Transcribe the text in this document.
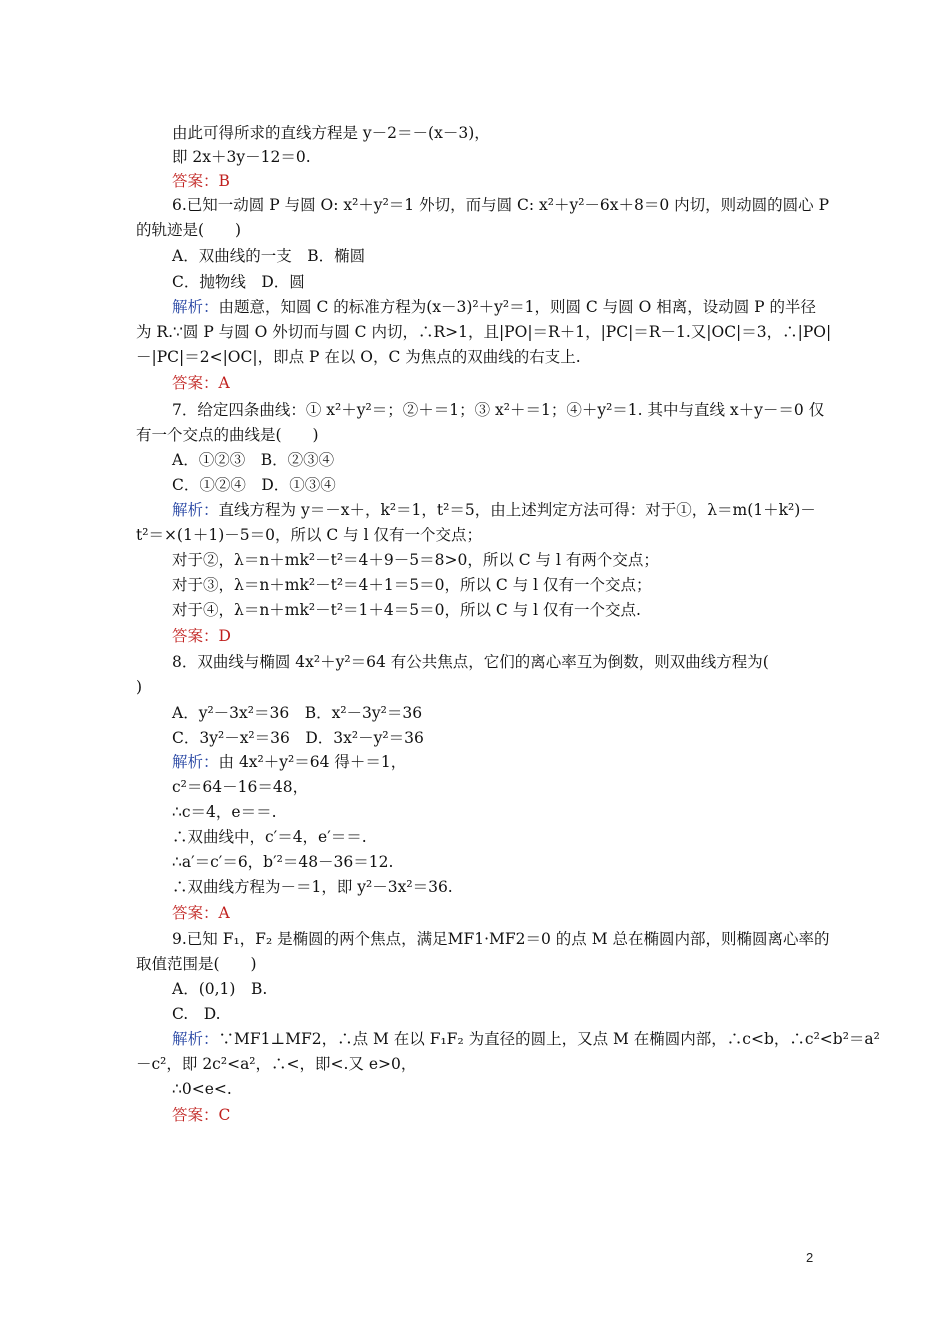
由此可得所求的直线方程是 y－2＝－(x－3)，
即 2x＋3y－12＝0.
答案：B
6.已知一动圆 P 与圆 O: x²＋y²＝1 外切，而与圆 C: x²＋y²－6x＋8＝0 内切，则动圆的圆心 P
的轨迹是(　　)
A．双曲线的一支　B．椭圆
C．抛物线　D．圆
解析：由题意，知圆 C 的标准方程为(x－3)²＋y²＝1，则圆 C 与圆 O 相离，设动圆 P 的半径
为 R.∵圆 P 与圆 O 外切而与圆 C 内切，∴R>1，且|PO|＝R＋1，|PC|＝R－1.又|OC|＝3，∴|PO|
－|PC|＝2<|OC|，即点 P 在以 O，C 为焦点的双曲线的右支上.
答案：A
7．给定四条曲线：① x²＋y²＝；②＋＝1；③ x²＋＝1；④＋y²＝1. 其中与直线 x＋y－＝0 仅
有一个交点的曲线是(　　)
A．①②③　B．②③④
C．①②④　D．①③④
解析：直线方程为 y＝－x＋，k²＝1，t²＝5，由上述判定方法可得：对于①，λ＝m(1＋k²)－
t²＝×(1＋1)－5＝0，所以 C 与 l 仅有一个交点；
对于②，λ＝n＋mk²－t²＝4＋9－5＝8>0，所以 C 与 l 有两个交点；
对于③，λ＝n＋mk²－t²＝4＋1＝5＝0，所以 C 与 l 仅有一个交点；
对于④，λ＝n＋mk²－t²＝1＋4＝5＝0，所以 C 与 l 仅有一个交点.
答案：D
8．双曲线与椭圆 4x²＋y²＝64 有公共焦点，它们的离心率互为倒数，则双曲线方程为(
)
A．y²－3x²＝36　B．x²－3y²＝36
C．3y²－x²＝36　D．3x²－y²＝36
解析：由 4x²＋y²＝64 得＋＝1，
c²＝64－16＝48，
∴c＝4，e＝＝.
∴双曲线中，c′＝4，e′＝＝.
∴a′＝c′＝6，b′²＝48－36＝12.
∴双曲线方程为－＝1，即 y²－3x²＝36.
答案：A
9.已知 F₁，F₂ 是椭圆的两个焦点，满足MF1·MF2＝0 的点 M 总在椭圆内部，则椭圆离心率的
取值范围是(　　)
A．(0,1)　B.
C.　D.
解析：∵MF1⊥MF2，∴点 M 在以 F₁F₂ 为直径的圆上，又点 M 在椭圆内部，∴c<b，∴c²<b²＝a²
－c²，即 2c²<a²，∴<，即<.又 e>0，
∴0<e<.
答案：C
2
